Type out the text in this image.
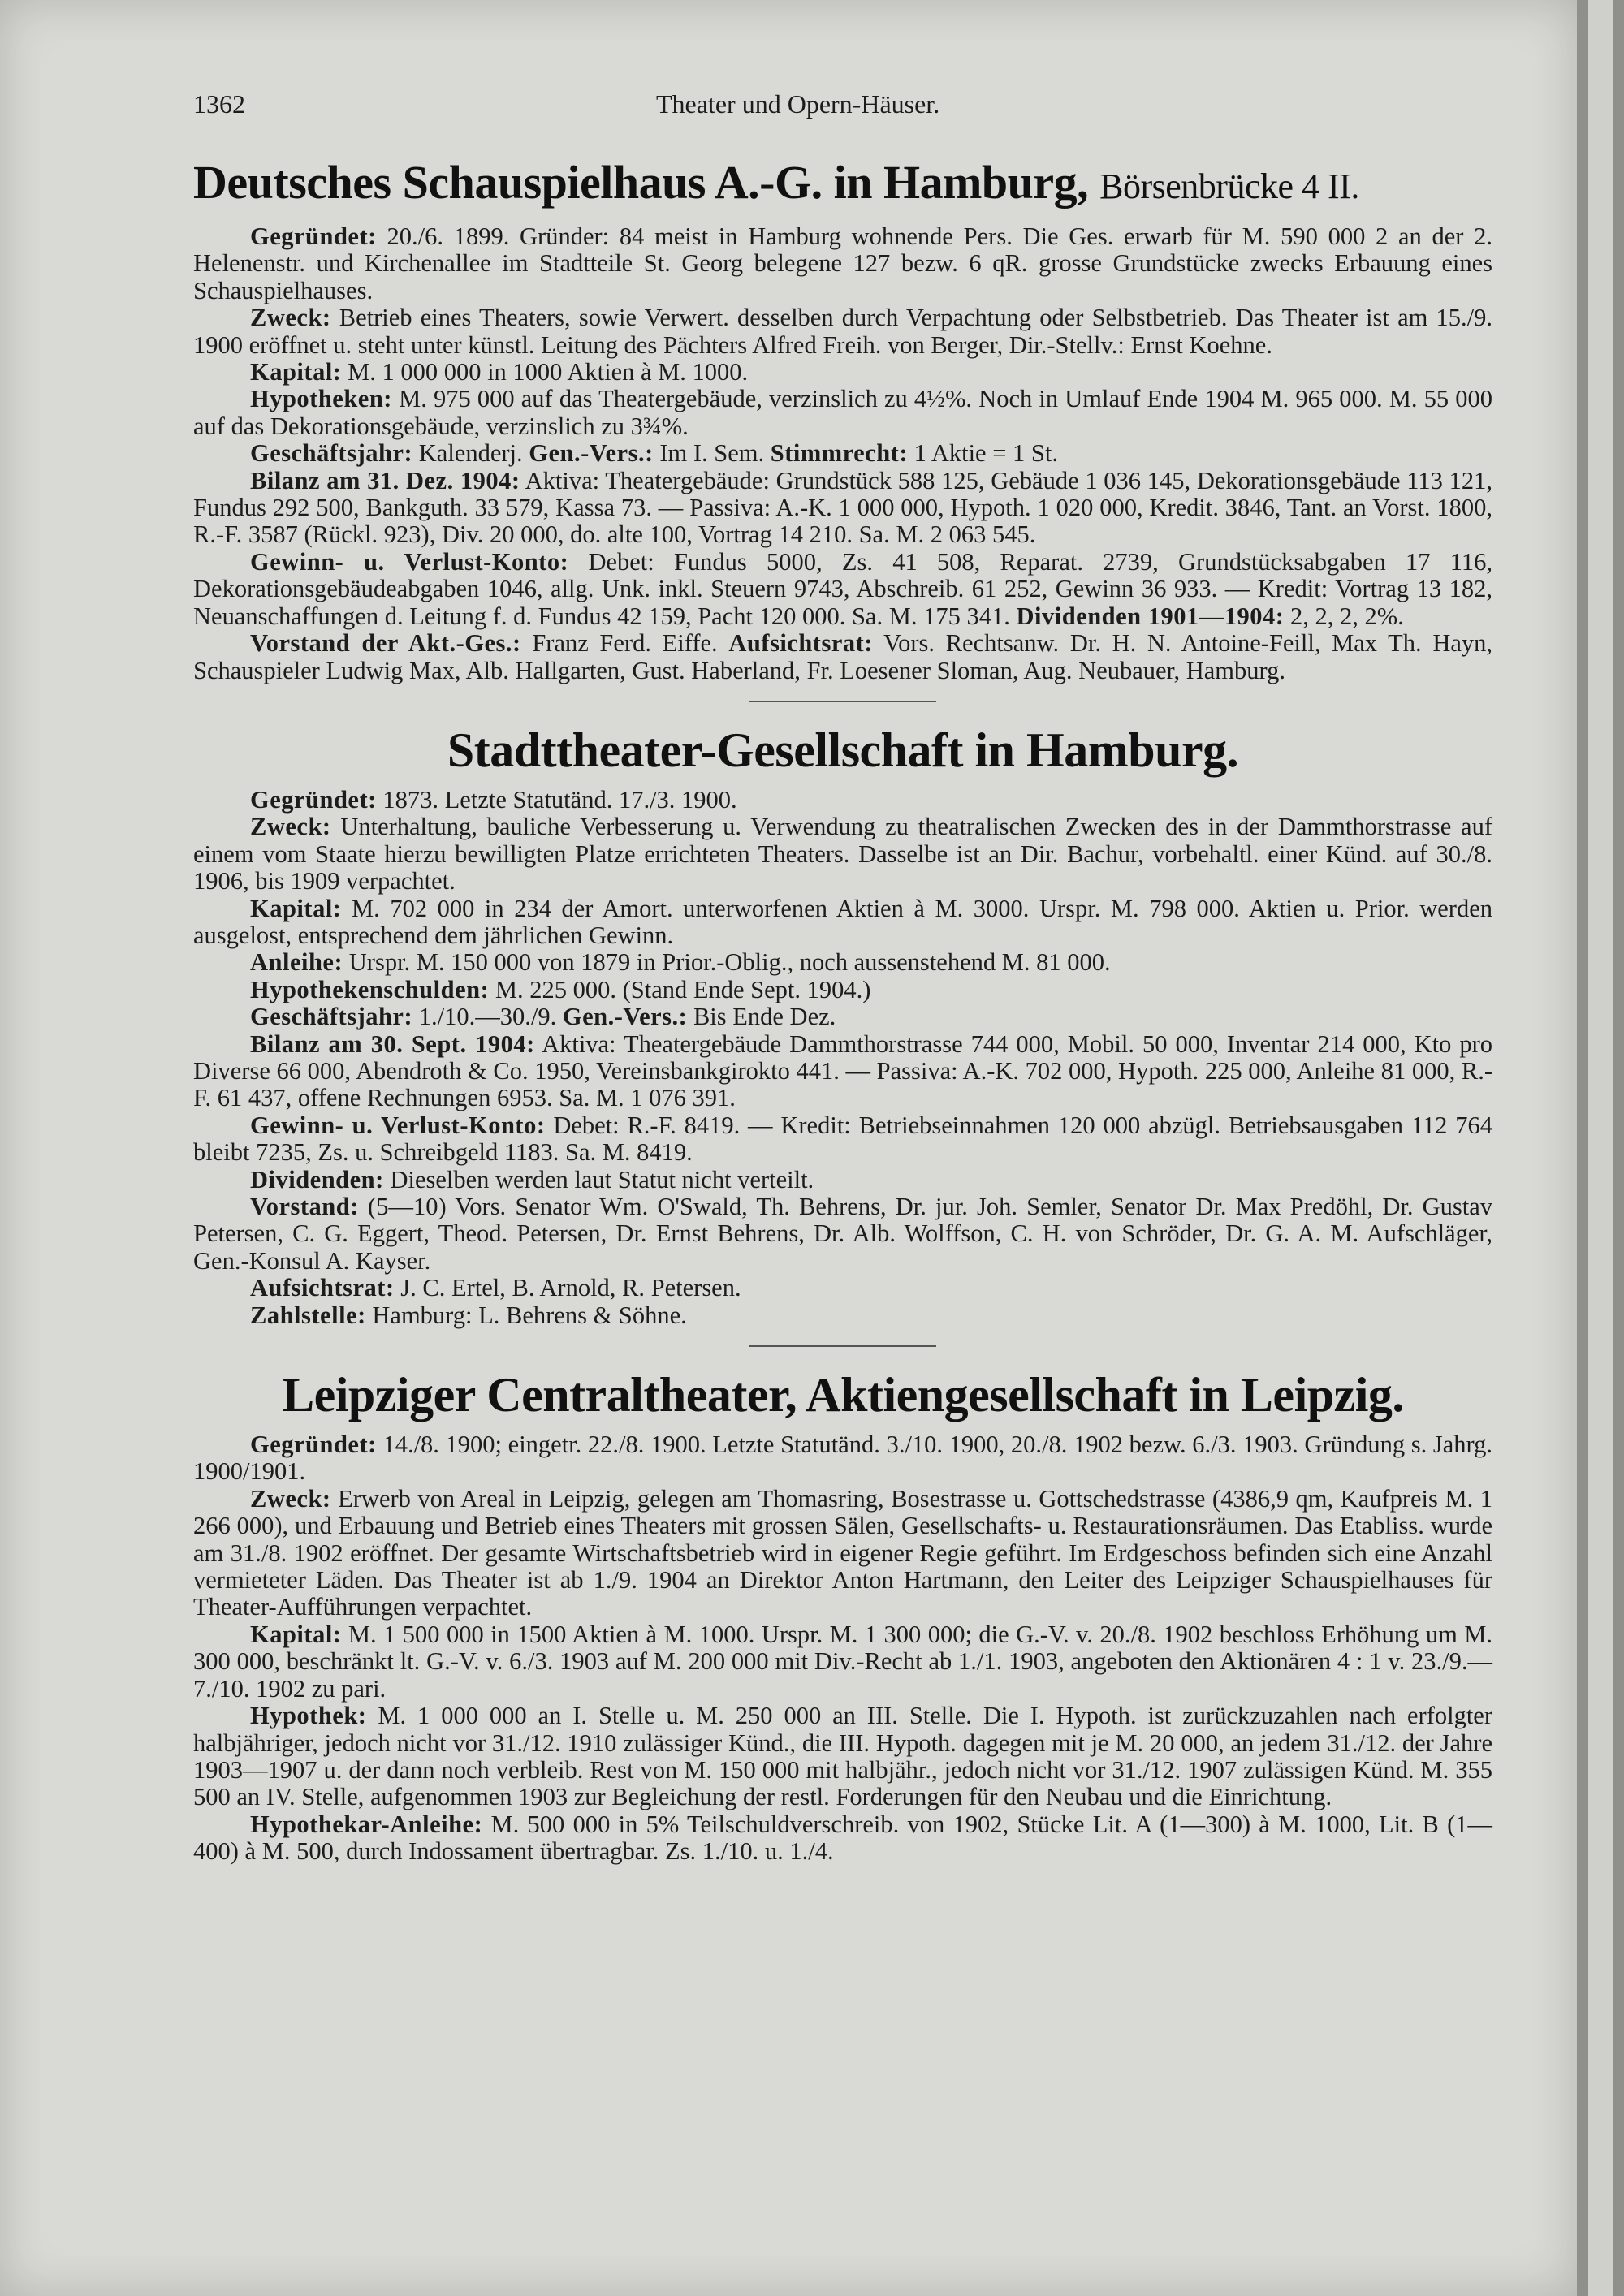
1362	Theater und Opern-Häuser.
Deutsches Schauspielhaus A.-G. in Hamburg, Börsenbrücke 4 II.

Gegründet: 20./6. 1899. Gründer: 84 meist in Hamburg wohnende Pers. Die Ges. erwarb für M. 590 000 2 an der 2. Helenenstr. und Kirchenallee im Stadtteile St. Georg belegene 127 bezw. 6 qR. grosse Grundstücke zwecks Erbauung eines Schauspielhauses.

Zweck: Betrieb eines Theaters, sowie Verwert. desselben durch Verpachtung oder Selbstbetrieb. Das Theater ist am 15./9. 1900 eröffnet u. steht unter künstl. Leitung des Pächters Alfred Freih. von Berger, Dir.-Stellv.: Ernst Koehne.

Kapital: M. 1 000 000 in 1000 Aktien à M. 1000.

Hypotheken: M. 975 000 auf das Theatergebäude, verzinslich zu 4½%. Noch in Umlauf Ende 1904 M. 965 000. M. 55 000 auf das Dekorationsgebäude, verzinslich zu 3¾%.

Geschäftsjahr: Kalenderj. Gen.-Vers.: Im I. Sem. Stimmrecht: 1 Aktie = 1 St.

Bilanz am 31. Dez. 1904: Aktiva: Theatergebäude: Grundstück 588 125, Gebäude 1 036 145, Dekorationsgebäude 113 121, Fundus 292 500, Bankguth. 33 579, Kassa 73. — Passiva: A.-K. 1 000 000, Hypoth. 1 020 000, Kredit. 3846, Tant. an Vorst. 1800, R.-F. 3587 (Rückl. 923), Div. 20 000, do. alte 100, Vortrag 14 210. Sa. M. 2 063 545.

Gewinn- u. Verlust-Konto: Debet: Fundus 5000, Zs. 41 508, Reparat. 2739, Grundstücksabgaben 17 116, Dekorationsgebäudeabgaben 1046, allg. Unk. inkl. Steuern 9743, Abschreib. 61 252, Gewinn 36 933. — Kredit: Vortrag 13 182, Neuanschaffungen d. Leitung f. d. Fundus 42 159, Pacht 120 000. Sa. M. 175 341. Dividenden 1901—1904: 2, 2, 2, 2%.

Vorstand der Akt.-Ges.: Franz Ferd. Eiffe. Aufsichtsrat: Vors. Rechtsanw. Dr. H. N. Antoine-Feill, Max Th. Hayn, Schauspieler Ludwig Max, Alb. Hallgarten, Gust. Haberland, Fr. Loesener Sloman, Aug. Neubauer, Hamburg.

Stadttheater-Gesellschaft in Hamburg.

Gegründet: 1873. Letzte Statutänd. 17./3. 1900.

Zweck: Unterhaltung, bauliche Verbesserung u. Verwendung zu theatralischen Zwecken des in der Dammthorstrasse auf einem vom Staate hierzu bewilligten Platze errichteten Theaters. Dasselbe ist an Dir. Bachur, vorbehaltl. einer Künd. auf 30./8. 1906, bis 1909 verpachtet.

Kapital: M. 702 000 in 234 der Amort. unterworfenen Aktien à M. 3000. Urspr. M. 798 000. Aktien u. Prior. werden ausgelost, entsprechend dem jährlichen Gewinn.

Anleihe: Urspr. M. 150 000 von 1879 in Prior.-Oblig., noch aussenstehend M. 81 000.

Hypothekenschulden: M. 225 000. (Stand Ende Sept. 1904.)

Geschäftsjahr: 1./10.—30./9. Gen.-Vers.: Bis Ende Dez.

Bilanz am 30. Sept. 1904: Aktiva: Theatergebäude Dammthorstrasse 744 000, Mobil. 50 000, Inventar 214 000, Kto pro Diverse 66 000, Abendroth & Co. 1950, Vereinsbankgirokto 441. — Passiva: A.-K. 702 000, Hypoth. 225 000, Anleihe 81 000, R.-F. 61 437, offene Rechnungen 6953. Sa. M. 1 076 391.

Gewinn- u. Verlust-Konto: Debet: R.-F. 8419. — Kredit: Betriebseinnahmen 120 000 abzügl. Betriebsausgaben 112 764 bleibt 7235, Zs. u. Schreibgeld 1183. Sa. M. 8419.

Dividenden: Dieselben werden laut Statut nicht verteilt.

Vorstand: (5—10) Vors. Senator Wm. O'Swald, Th. Behrens, Dr. jur. Joh. Semler, Senator Dr. Max Predöhl, Dr. Gustav Petersen, C. G. Eggert, Theod. Petersen, Dr. Ernst Behrens, Dr. Alb. Wolffson, C. H. von Schröder, Dr. G. A. M. Aufschläger, Gen.-Konsul A. Kayser.

Aufsichtsrat: J. C. Ertel, B. Arnold, R. Petersen.

Zahlstelle: Hamburg: L. Behrens & Söhne.

Leipziger Centraltheater, Aktiengesellschaft in Leipzig.

Gegründet: 14./8. 1900; eingetr. 22./8. 1900. Letzte Statutänd. 3./10. 1900, 20./8. 1902 bezw. 6./3. 1903. Gründung s. Jahrg. 1900/1901.

Zweck: Erwerb von Areal in Leipzig, gelegen am Thomasring, Bosestrasse u. Gottschedstrasse (4386,9 qm, Kaufpreis M. 1 266 000), und Erbauung und Betrieb eines Theaters mit grossen Sälen, Gesellschafts- u. Restaurationsräumen. Das Etabliss. wurde am 31./8. 1902 eröffnet. Der gesamte Wirtschaftsbetrieb wird in eigener Regie geführt. Im Erdgeschoss befinden sich eine Anzahl vermieteter Läden. Das Theater ist ab 1./9. 1904 an Direktor Anton Hartmann, den Leiter des Leipziger Schauspielhauses für Theater-Aufführungen verpachtet.

Kapital: M. 1 500 000 in 1500 Aktien à M. 1000. Urspr. M. 1 300 000; die G.-V. v. 20./8. 1902 beschloss Erhöhung um M. 300 000, beschränkt lt. G.-V. v. 6./3. 1903 auf M. 200 000 mit Div.-Recht ab 1./1. 1903, angeboten den Aktionären 4 : 1 v. 23./9.—7./10. 1902 zu pari.

Hypothek: M. 1 000 000 an I. Stelle u. M. 250 000 an III. Stelle. Die I. Hypoth. ist zurückzuzahlen nach erfolgter halbjähriger, jedoch nicht vor 31./12. 1910 zulässiger Künd., die III. Hypoth. dagegen mit je M. 20 000, an jedem 31./12. der Jahre 1903—1907 u. der dann noch verbleib. Rest von M. 150 000 mit halbjähr., jedoch nicht vor 31./12. 1907 zulässigen Künd. M. 355 500 an IV. Stelle, aufgenommen 1903 zur Begleichung der restl. Forderungen für den Neubau und die Einrichtung.

Hypothekar-Anleihe: M. 500 000 in 5% Teilschuldverschreib. von 1902, Stücke Lit. A (1—300) à M. 1000, Lit. B (1—400) à M. 500, durch Indossament übertragbar. Zs. 1./10. u. 1./4.
